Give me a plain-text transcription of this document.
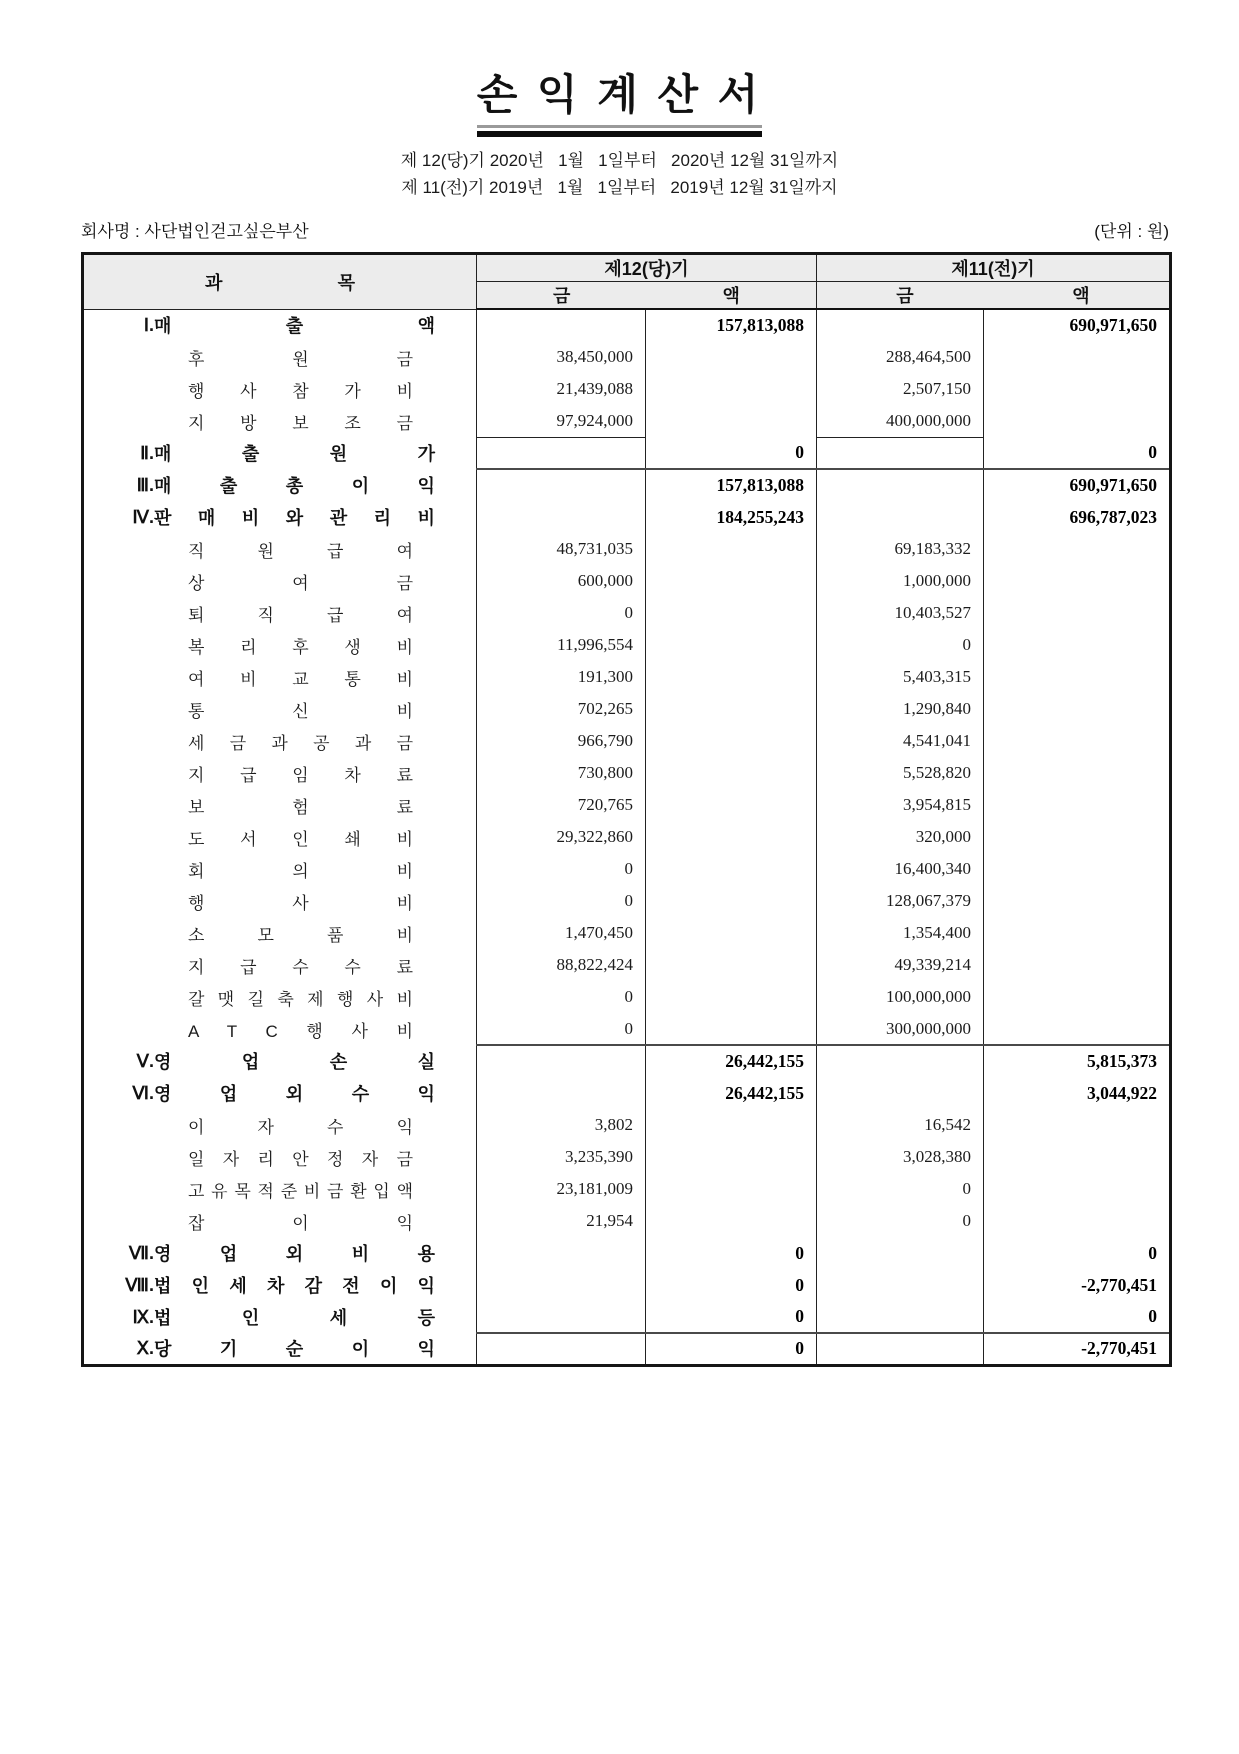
손 익 계 산 서
제 12(당)기 2020년   1월   1일부터   2020년 12월 31일까지
제 11(전)기 2019년   1월   1일부터   2019년 12월 31일까지
회사명 : 사단법인걷고싶은부산	(단위 : 원)
과 목	제12(당)기		제11(전)기	

	금 액		금 액	

Ⅰ. 매 출 액		157,813,088		690,971,650

후 원 금	38,450,000		288,464,500	

행 사 참 가 비	21,439,088		2,507,150	

지 방 보 조 금	97,924,000		400,000,000	

Ⅱ. 매 출 원 가		0		0

Ⅲ. 매 출 총 이 익		157,813,088		690,971,650

Ⅳ. 판 매 비 와 관 리 비		184,255,243		696,787,023

직 원 급 여	48,731,035		69,183,332	

상 여 금	600,000		1,000,000	

퇴 직 급 여	0		10,403,527	

복 리 후 생 비	11,996,554		0	

여 비 교 통 비	191,300		5,403,315	

통 신 비	702,265		1,290,840	

세 금 과 공 과 금	966,790		4,541,041	

지 급 임 차 료	730,800		5,528,820	

보 험 료	720,765		3,954,815	

도 서 인 쇄 비	29,322,860		320,000	

회 의 비	0		16,400,340	

행 사 비	0		128,067,379	

소 모 품 비	1,470,450		1,354,400	

지 급 수 수 료	88,822,424		49,339,214	

갈 맷 길 축 제 행 사 비	0		100,000,000	

A T C 행 사 비	0		300,000,000	

Ⅴ. 영 업 손 실		26,442,155		5,815,373

Ⅵ. 영 업 외 수 익		26,442,155		3,044,922

이 자 수 익	3,802		16,542	

일 자 리 안 정 자 금	3,235,390		3,028,380	

고 유 목 적 준 비 금 환 입 액	23,181,009		0	

잡 이 익	21,954		0	

Ⅶ. 영 업 외 비 용		0		0

Ⅷ. 법 인 세 차 감 전 이 익		0		-2,770,451

Ⅸ. 법 인 세 등		0		0

Ⅹ. 당 기 순 이 익		0		-2,770,451
